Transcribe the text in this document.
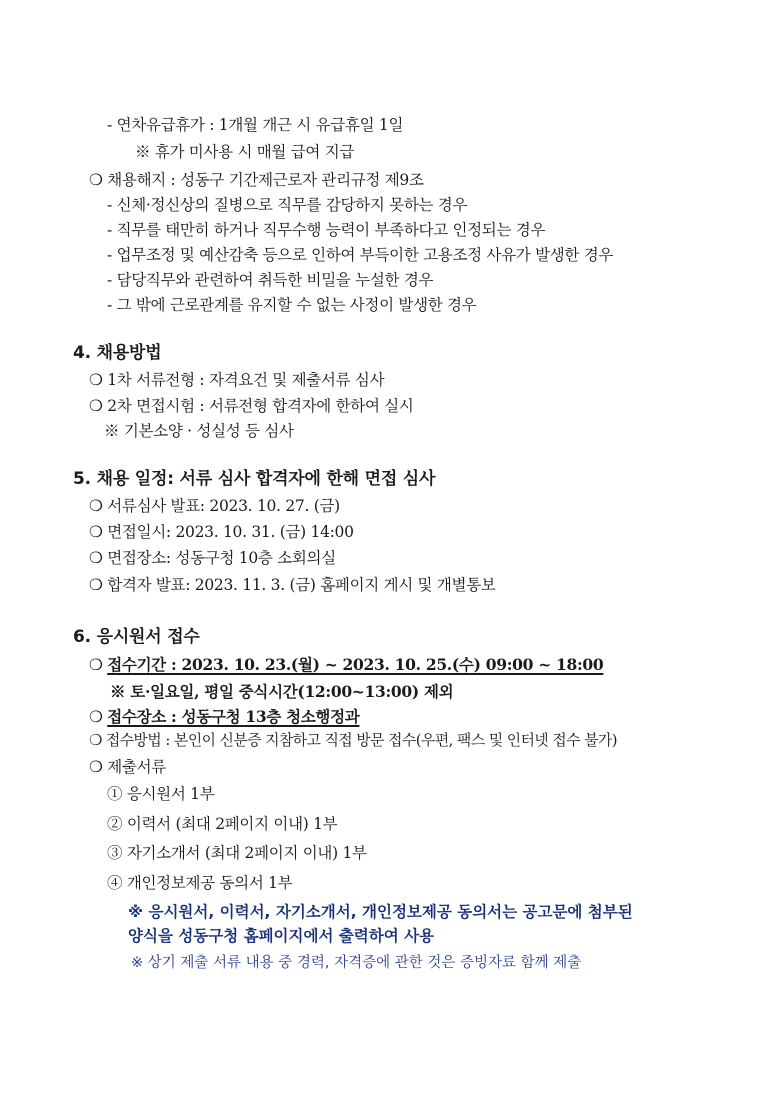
- 연차유급휴가 : 1개월 개근 시 유급휴일 1일
※ 휴가 미사용 시 매월 급여 지급
❍ 채용해지 : 성동구 기간제근로자 관리규정 제9조
- 신체·정신상의 질병으로 직무를 감당하지 못하는 경우
- 직무를 태만히 하거나 직무수행 능력이 부족하다고 인정되는 경우
- 업무조정 및 예산감축 등으로 인하여 부득이한 고용조정 사유가 발생한 경우
- 담당직무와 관련하여 취득한 비밀을 누설한 경우
- 그 밖에 근로관계를 유지할 수 없는 사정이 발생한 경우
4. 채용방법
❍ 1차 서류전형 : 자격요건 및 제출서류 심사
❍ 2차 면접시험 : 서류전형 합격자에 한하여 실시
※ 기본소양 · 성실성 등 심사
5. 채용 일정: 서류 심사 합격자에 한해 면접 심사
❍ 서류심사 발표: 2023. 10. 27. (금)
❍ 면접일시: 2023. 10. 31. (금) 14:00
❍ 면접장소: 성동구청 10층 소회의실
❍ 합격자 발표: 2023. 11. 3. (금) 홈페이지 게시 및 개별통보
6. 응시원서 접수
❍ 접수기간 : 2023. 10. 23.(월) ~ 2023. 10. 25.(수) 09:00 ~ 18:00
※ 토·일요일, 평일 중식시간(12:00~13:00) 제외
❍ 접수장소 : 성동구청 13층 청소행정과
❍ 접수방법 : 본인이 신분증 지참하고 직접 방문 접수(우편, 팩스 및 인터넷 접수 불가)
❍ 제출서류
① 응시원서 1부
② 이력서 (최대 2페이지 이내) 1부
③ 자기소개서 (최대 2페이지 이내) 1부
④ 개인정보제공 동의서 1부
※ 응시원서, 이력서, 자기소개서, 개인정보제공 동의서는 공고문에 첨부된
양식을 성동구청 홈페이지에서 출력하여 사용
※ 상기 제출 서류 내용 중 경력, 자격증에 관한 것은 증빙자료 함께 제출
